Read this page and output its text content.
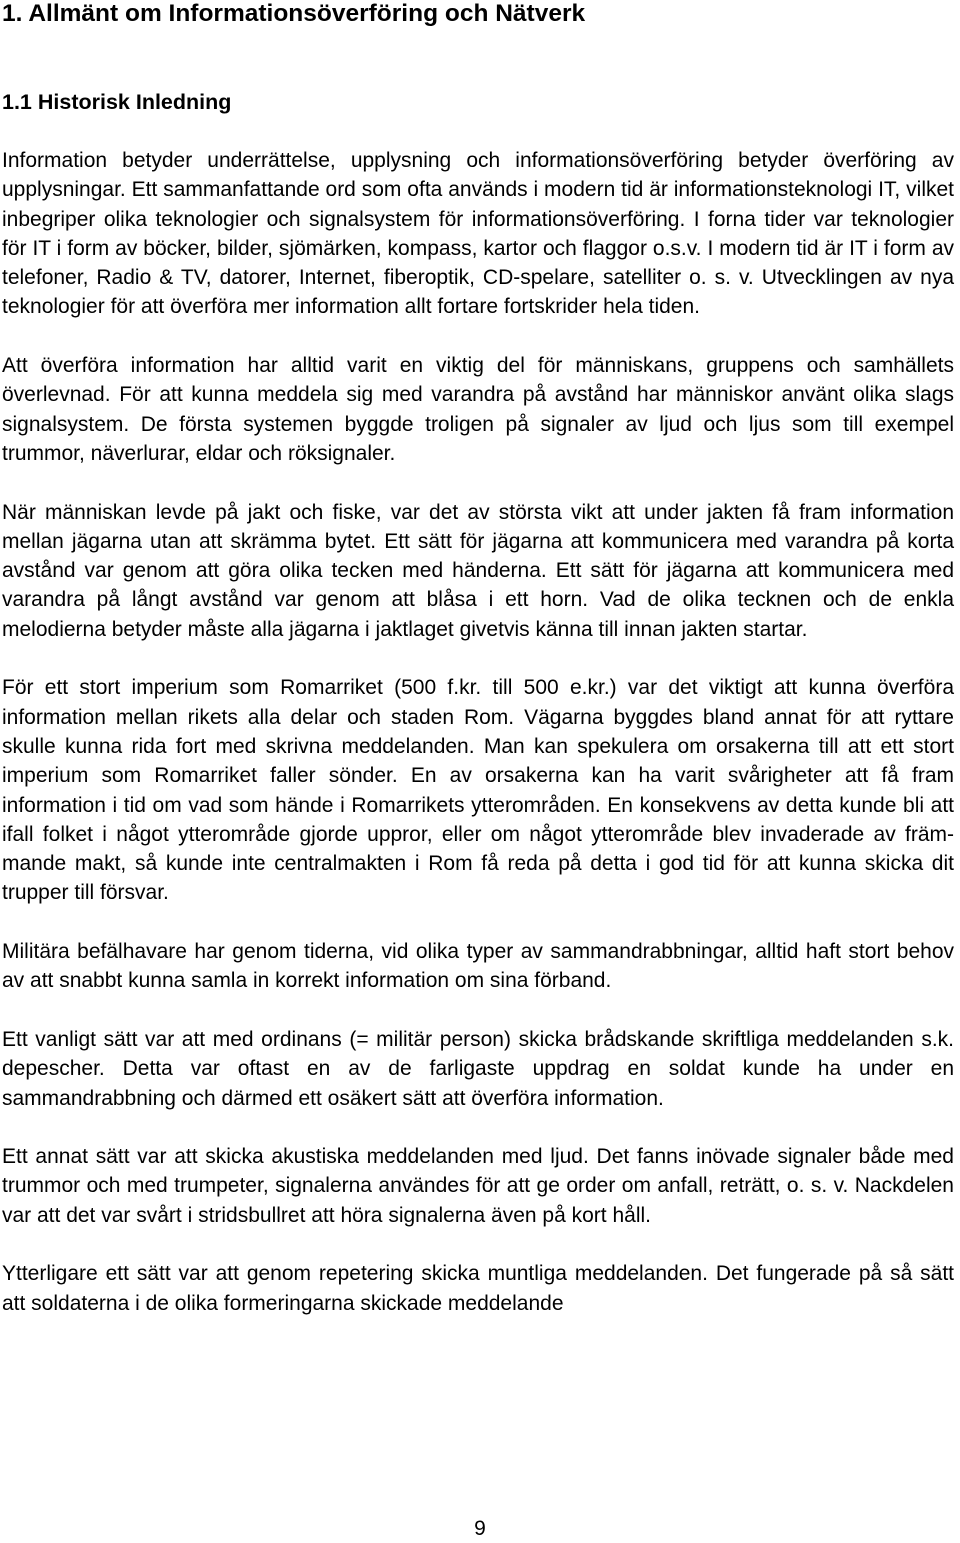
1. Allmänt om Informationsöverföring och Nätverk
1.1 Historisk Inledning

Information betyder underrättelse, upplysning och informationsöverföring betyder överföring av upplysningar. Ett sammanfattande ord som ofta används i modern tid är informationsteknologi IT, vilket inbegriper olika teknologier och signalsystem för informationsöverföring. I forna tider var teknologier för IT i form av böcker, bilder, sjömärken, kompass, kartor och flaggor o.s.v. I modern tid är IT i form av telefoner, Radio & TV, datorer, Internet, fiberoptik, CD-spelare, satelliter o. s. v. Utvecklingen av nya teknologier för att överföra mer information allt fortare fortskrider hela tiden.

Att överföra information har alltid varit en viktig del för människans, gruppens och samhällets överlevnad. För att kunna meddela sig med varandra på avstånd har människor använt olika slags signalsystem. De första systemen byggde troligen på signaler av ljud och ljus som till exempel trummor, näverlurar, eldar och röksignaler.

När människan levde på jakt och fiske, var det av största vikt att under jakten få fram information mellan jägarna utan att skrämma bytet. Ett sätt för jägarna att kommunicera med varandra på korta avstånd var genom att göra olika tecken med händerna. Ett sätt för jägarna att kommunicera med varandra på långt avstånd var genom att blåsa i ett horn. Vad de olika tecknen och de enkla melodierna betyder måste alla jägarna i jaktlaget givetvis känna till innan jakten startar.

För ett stort imperium som Romarriket (500 f.kr. till 500 e.kr.) var det viktigt att kunna överföra information mellan rikets alla delar och staden Rom. Vägarna byggdes bland annat för att ryttare skulle kunna rida fort med skrivna meddelanden. Man kan spekulera om orsakerna till att ett stort imperium som Romarriket faller sönder. En av orsakerna kan ha varit svårigheter att få fram information i tid om vad som hände i Romarrikets ytterområden. En konsekvens av detta kunde bli att ifall folket i något ytterområde gjorde uppror, eller om något ytterområde blev invaderade av främ-mande makt, så kunde inte centralmakten i Rom få reda på detta i god tid för att kunna skicka dit trupper till försvar.

Militära befälhavare har genom tiderna, vid olika typer av sammandrabbningar, alltid haft stort behov av att snabbt kunna samla in korrekt information om sina förband.

Ett vanligt sätt var att med ordinans (= militär person) skicka brådskande skriftliga meddelanden s.k. depescher. Detta var oftast en av de farligaste uppdrag en soldat kunde ha under en sammandrabbning och därmed ett osäkert sätt att överföra information.

Ett annat sätt var att skicka akustiska meddelanden med ljud. Det fanns inövade signaler både med trummor och med trumpeter, signalerna användes för att ge order om anfall, reträtt, o. s. v. Nackdelen var att det var svårt i stridsbullret att höra signalerna även på kort håll.

Ytterligare ett sätt var att genom repetering skicka muntliga meddelanden. Det fungerade på så sätt att soldaterna i de olika formeringarna skickade meddelande

9
